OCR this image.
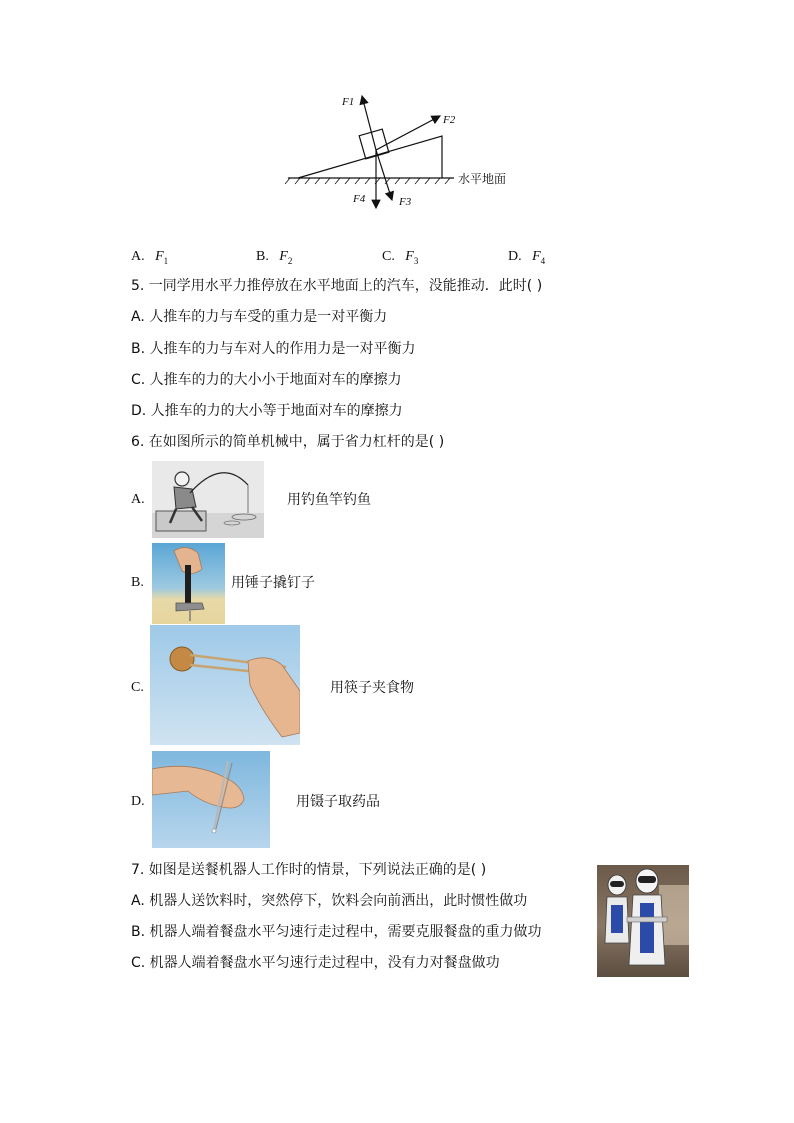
F1
F2
F4	F3
水平地面
A. $F_1$	B. $F_2$	C. $F_3$	D. $F_4$
5. 一同学用水平力推停放在水平地面上的汽车，没能推动．此时( )
A. 人推车的力与车受的重力是一对平衡力
B. 人推车的力与车对人的作用力是一对平衡力
C. 人推车的力的大小小于地面对车的摩擦力
D. 人推车的力的大小等于地面对车的摩擦力
6. 在如图所示的简单机械中，属于省力杠杆的是( )
A.	用钓鱼竿钓鱼
B.	用锤子撬钉子
C.	用筷子夹食物
D.	用镊子取药品
7. 如图是送餐机器人工作时的情景，下列说法正确的是( )
A. 机器人送饮料时，突然停下，饮料会向前洒出，此时惯性做功
B. 机器人端着餐盘水平匀速行走过程中，需要克服餐盘的重力做功
C. 机器人端着餐盘水平匀速行走过程中，没有力对餐盘做功
